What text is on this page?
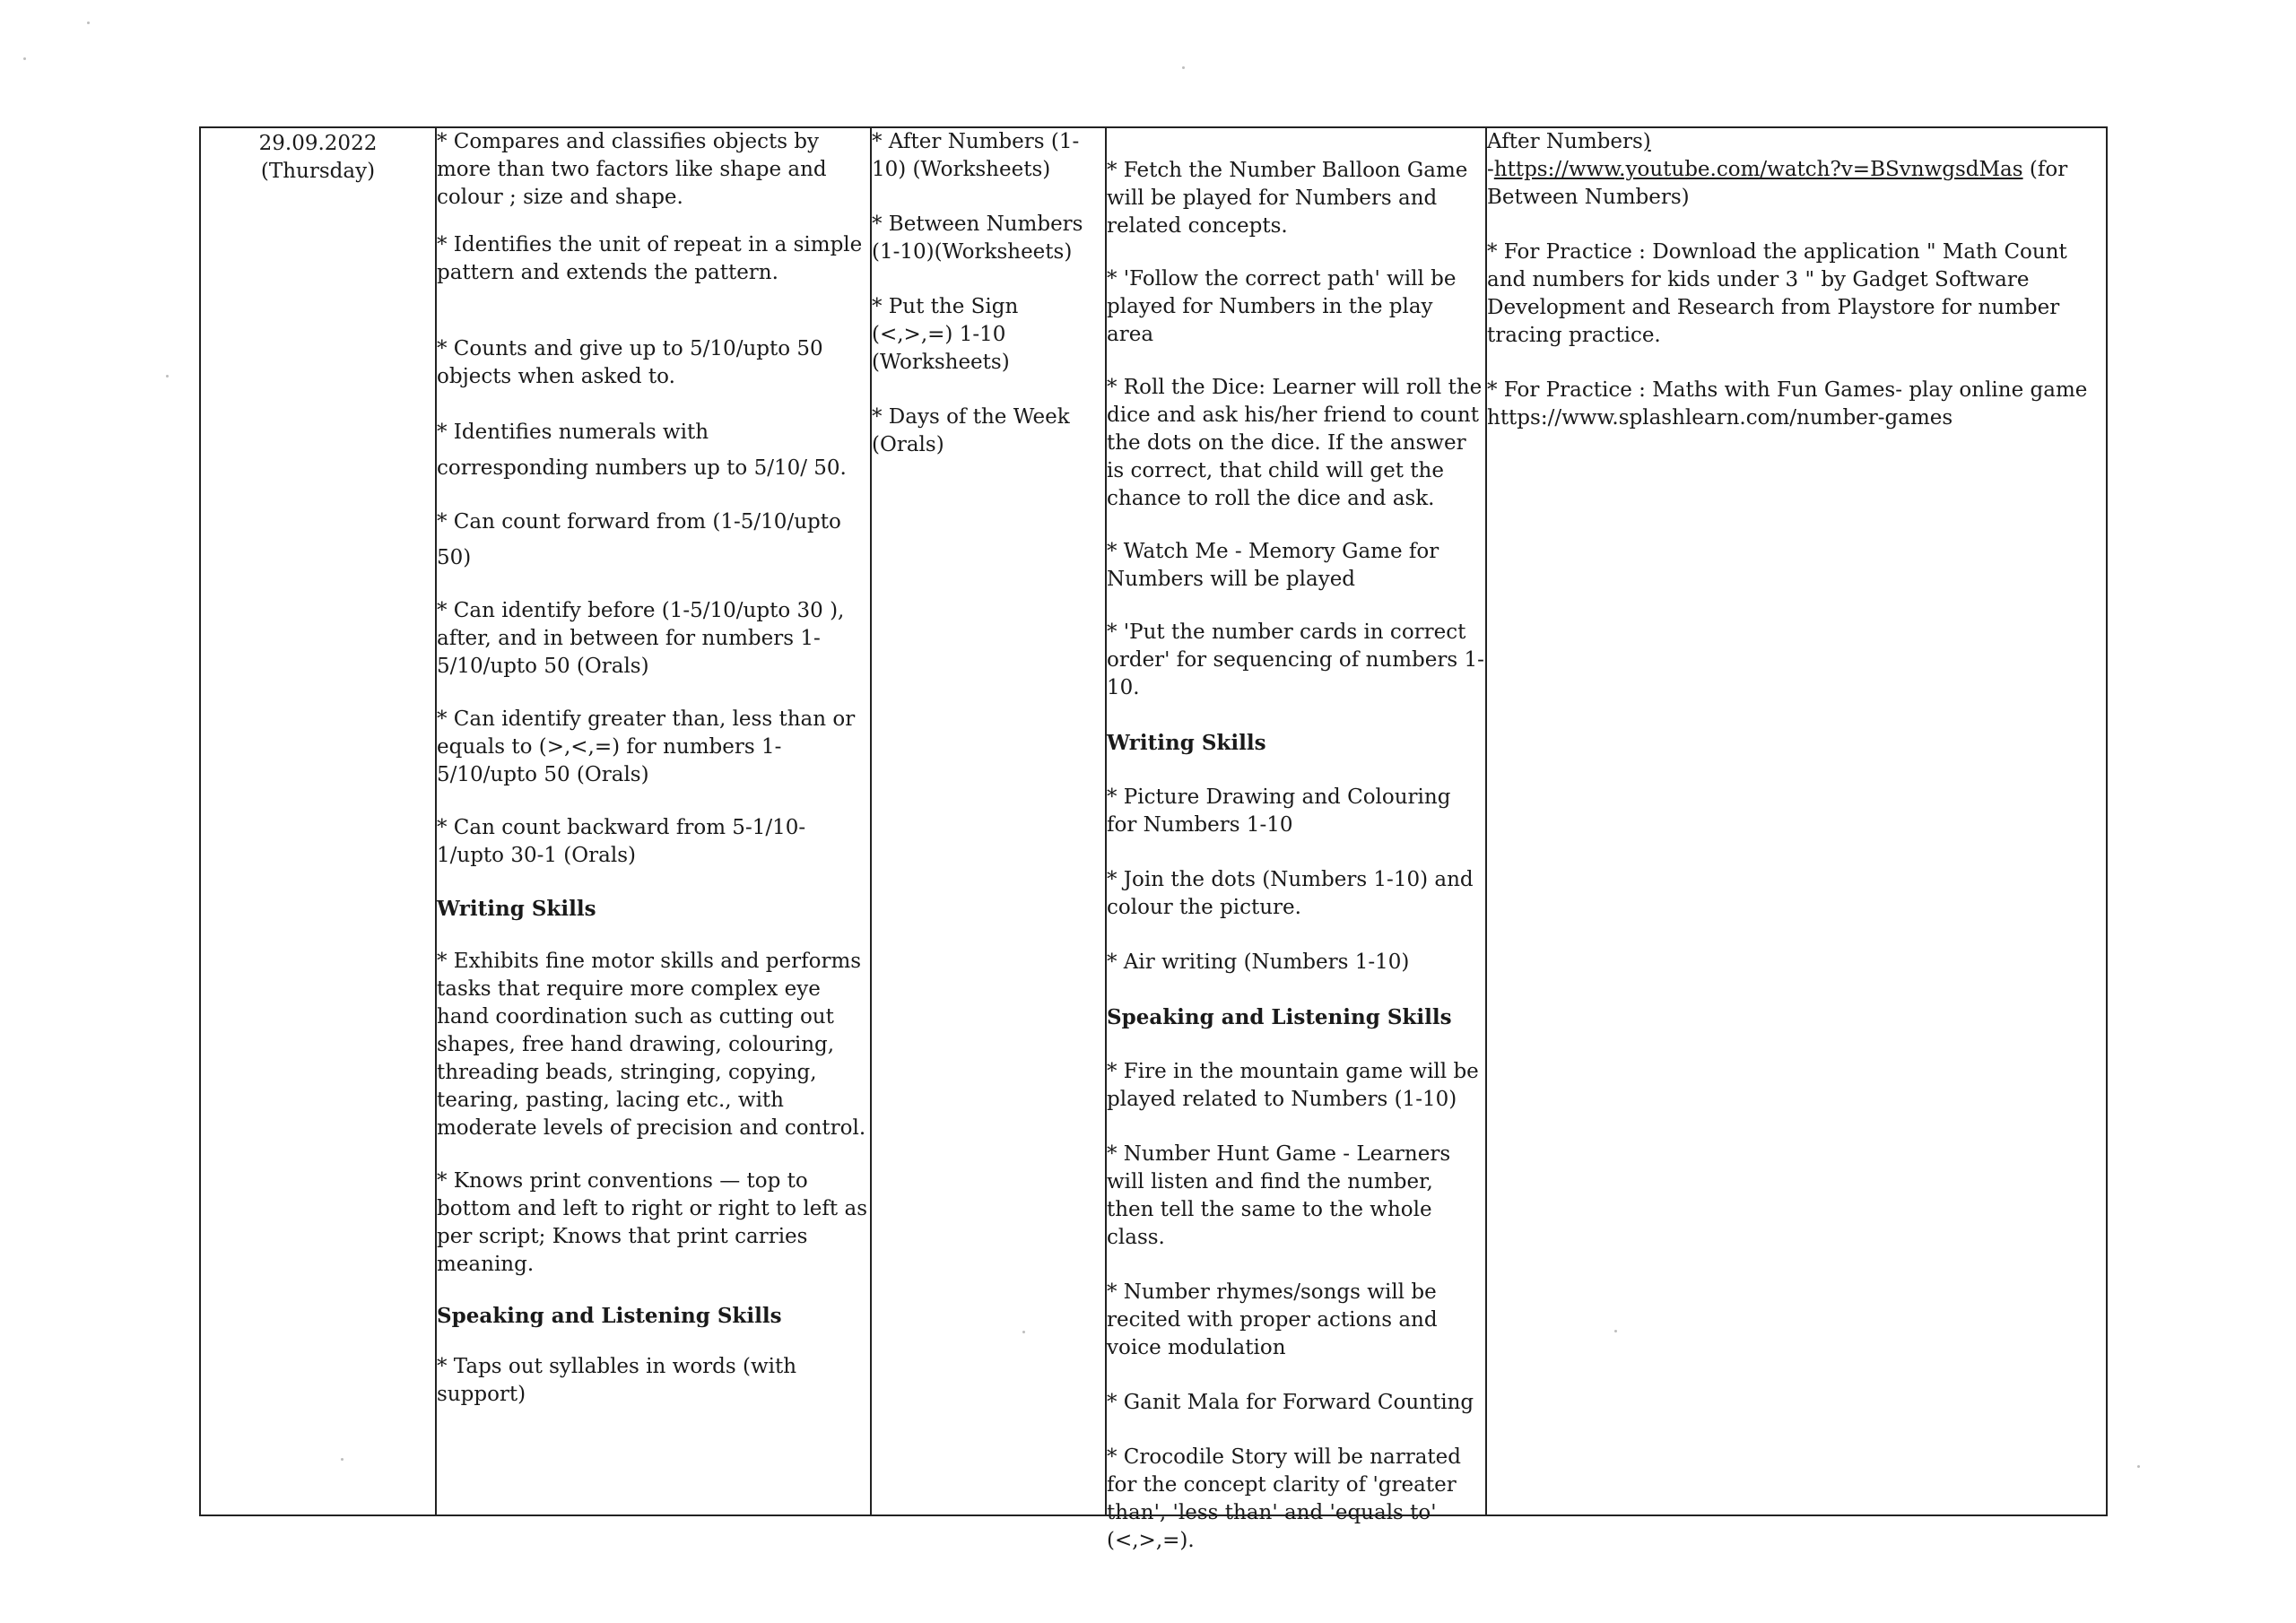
29.09.2022

(Thursday)

* Compares and classifies objects by more than two factors like shape and colour ; size and shape.

* Identifies the unit of repeat in a simple pattern and extends the pattern.

* Counts and give up to 5/10/upto 50 objects when asked to.

* Identifies numerals with corresponding numbers up to 5/10/ 50.

* Can count forward from (1-5/10/upto 50)

* Can identify before (1-5/10/upto 30 ), after, and in between for numbers 1-5/10/upto 50 (Orals)

* Can identify greater than, less than or equals to (>,<,=) for numbers 1-5/10/upto 50 (Orals)

* Can count backward from 5-1/10-1/upto 30-1 (Orals)

Writing Skills

* Exhibits fine motor skills and performs tasks that require more complex eye hand coordination such as cutting out shapes, free hand drawing, colouring, threading beads, stringing, copying, tearing, pasting, lacing etc., with moderate levels of precision and control.

* Knows print conventions — top to bottom and left to right or right to left as per script; Knows that print carries meaning.

Speaking and Listening Skills

* Taps out syllables in words (with support)

* After Numbers (1-10) (Worksheets)

* Between Numbers (1-10)(Worksheets)

* Put the Sign (<,>,=) 1-10 (Worksheets)

* Days of the Week (Orals)

* Fetch the Number Balloon Game will be played for Numbers and related concepts.

* 'Follow the correct path' will be played for Numbers in the play area

* Roll the Dice: Learner will roll the dice and ask his/her friend to count the dots on the dice. If the answer is correct, that child will get the chance to roll the dice and ask.

* Watch Me - Memory Game for Numbers will be played

* 'Put the number cards in correct order' for sequencing of numbers 1-10.

Writing Skills

* Picture Drawing and Colouring for Numbers 1-10

* Join the dots (Numbers 1-10) and colour the picture.

* Air writing (Numbers 1-10)

Speaking and Listening Skills

* Fire in the mountain game will be played related to Numbers (1-10)

* Number Hunt Game - Learners will listen and find the number, then tell the same to the whole class.

* Number rhymes/songs will be recited with proper actions and voice modulation

* Ganit Mala for Forward Counting

* Crocodile Story will be narrated for the concept clarity of 'greater than', 'less than' and 'equals to' (<,>,=).

After Numbers)

-https://www.youtube.com/watch?v=BSvnwgsdMas (for Between Numbers)

* For Practice : Download the application " Math Count and numbers for kids under 3 " by Gadget Software Development and Research from Playstore for number tracing practice.

* For Practice : Maths with Fun Games- play online game https://www.splashlearn.com/number-games
